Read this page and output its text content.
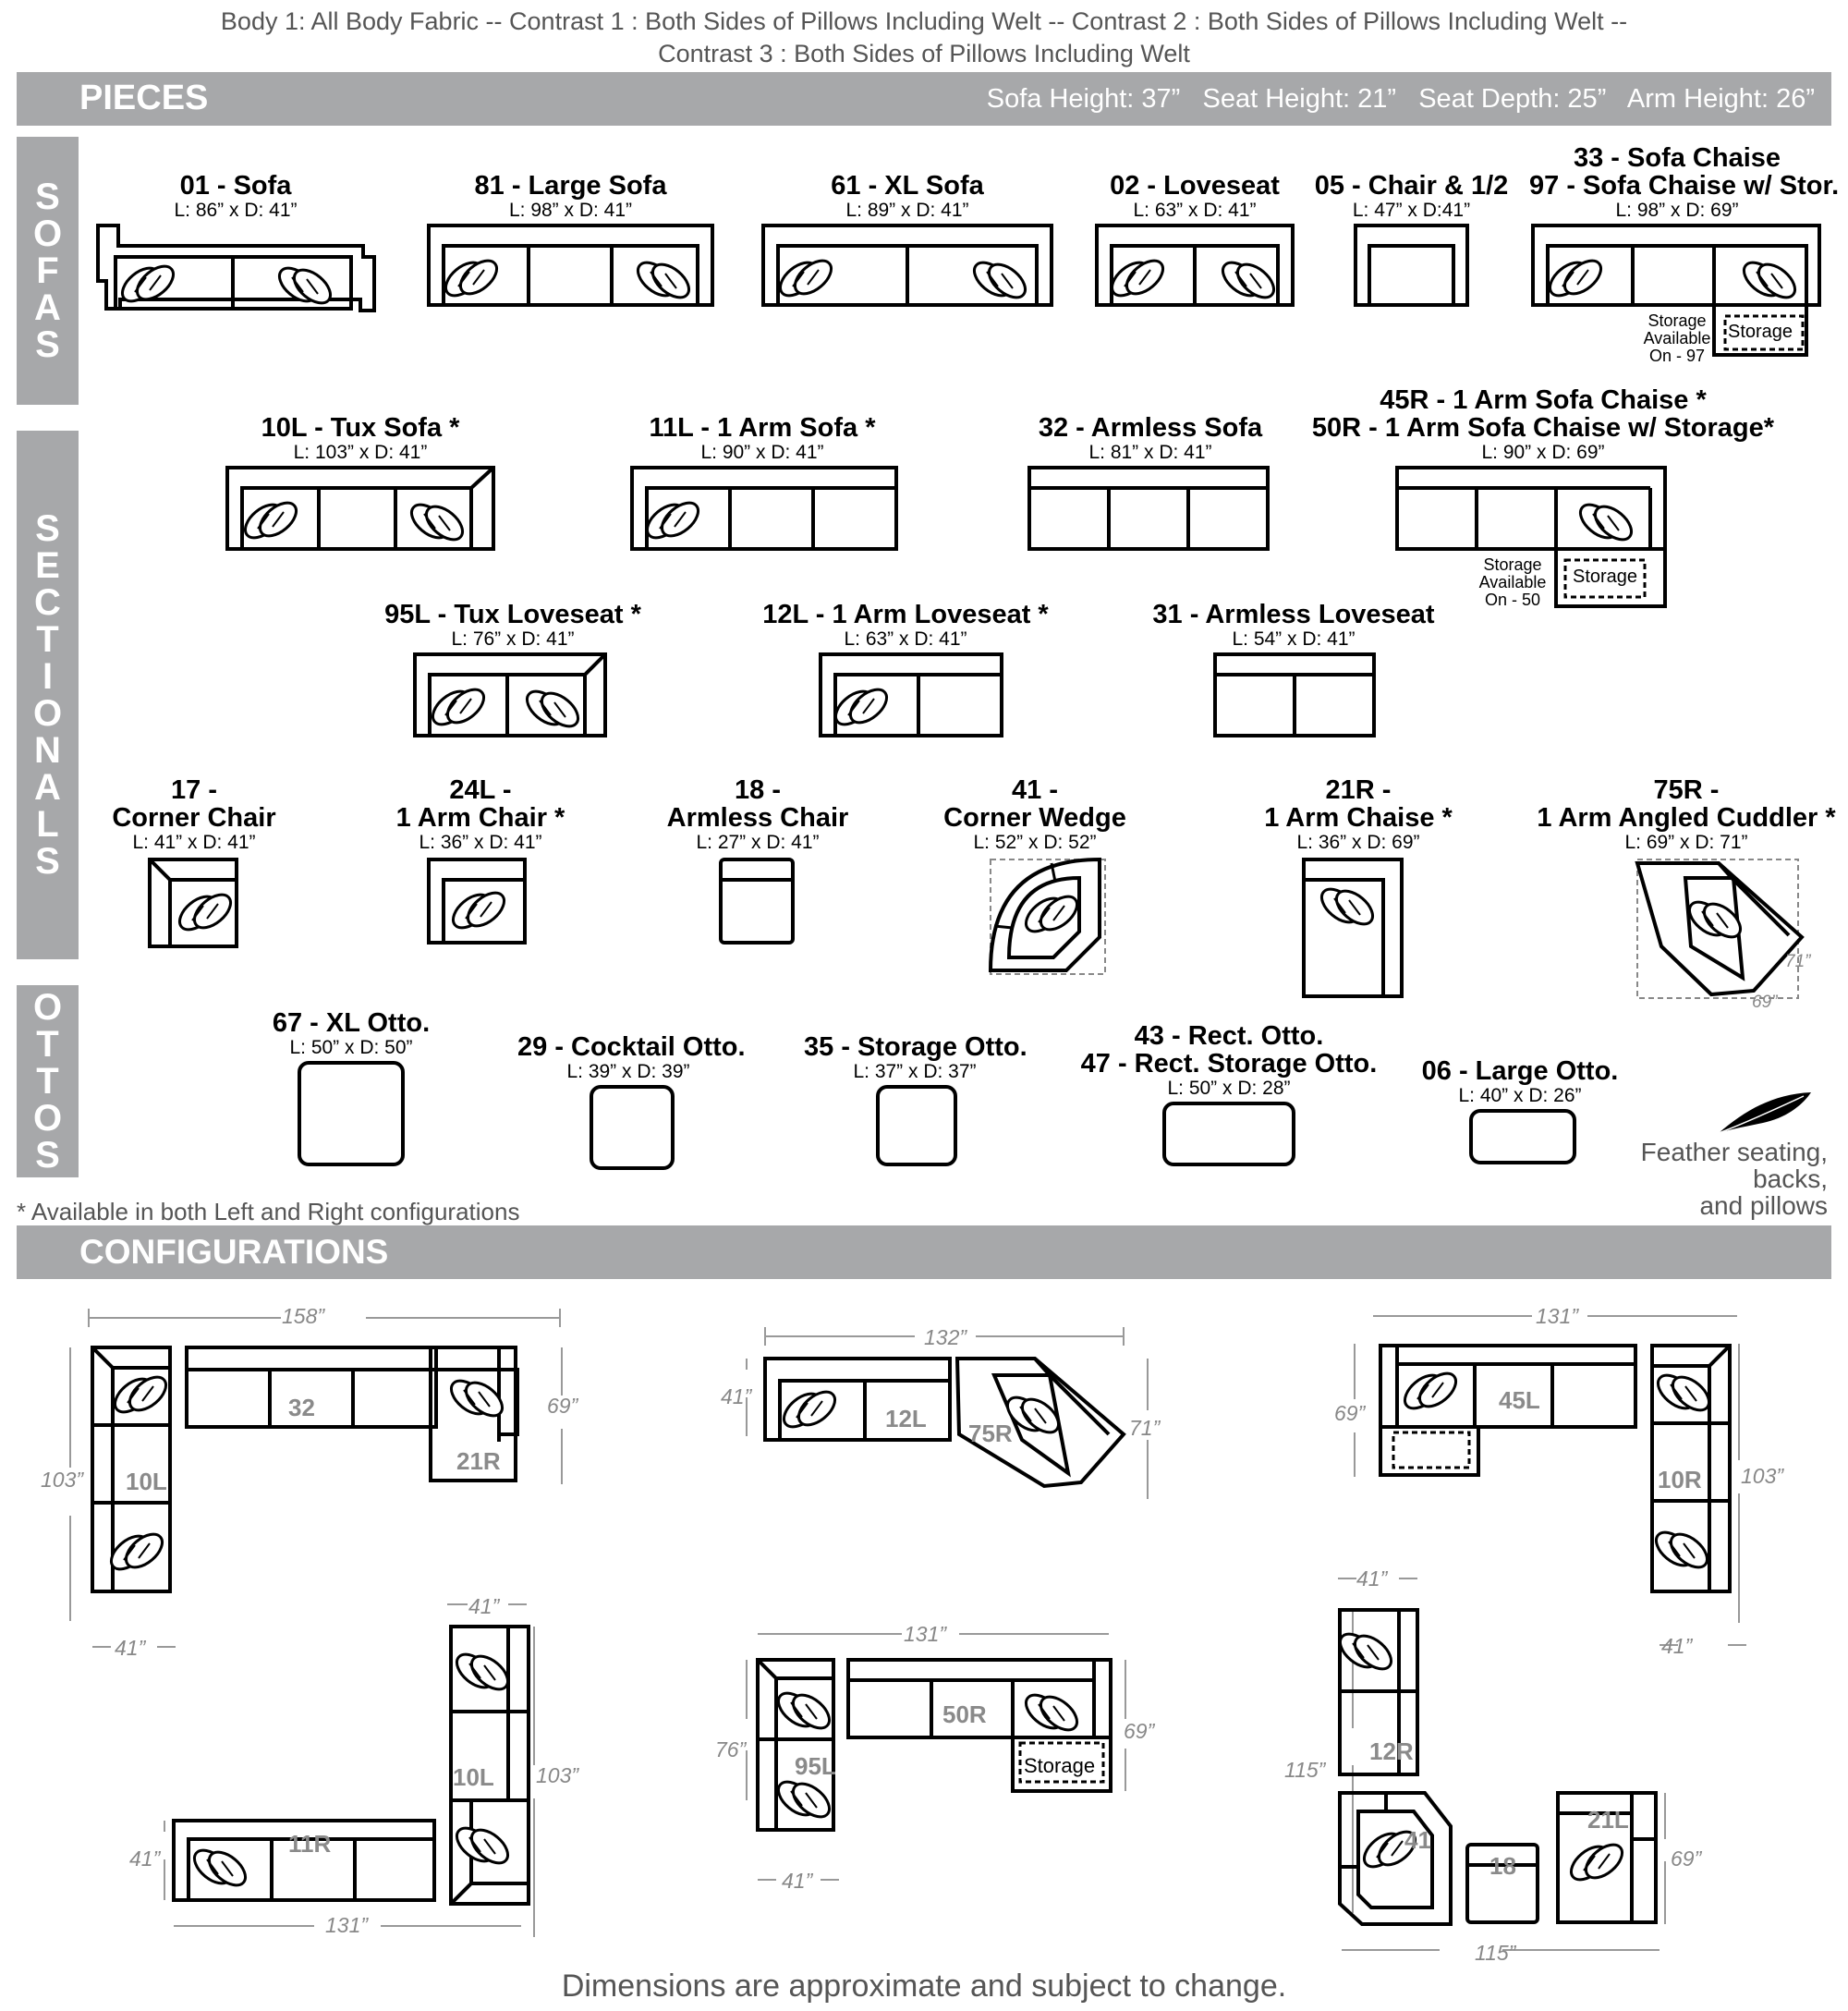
Body 1: All Body Fabric -- Contrast 1 : Both Sides of Pillows Including Welt -- Contrast 2 : Both Sides of Pillows Including Welt --
Contrast 3 : Both Sides of Pillows Including Welt
PIECES	Sofa Height: 37”   Seat Height: 21”   Seat Depth: 25”   Arm Height: 26”
S
O
F
A
S
S
E
C
T
I
O
N
A
L
S
O
T
T
O
S
01 - Sofa
L: 86” x D: 41”
81 - Large Sofa
L: 98” x D: 41”
61 - XL Sofa
L: 89” x D: 41”
02 - Loveseat
L: 63” x D: 41”
05 - Chair & 1/2
L: 47” x D:41”
33 - Sofa Chaise
97 - Sofa Chaise w/ Stor.
L: 98” x D: 69”
Storage
Available
On - 97
Storage
10L - Tux Sofa *
L: 103” x D: 41”
11L - 1 Arm Sofa *
L: 90” x D: 41”
32 - Armless Sofa
L: 81” x D: 41”
45R - 1 Arm Sofa Chaise *
50R - 1 Arm Sofa Chaise w/ Storage*
L: 90” x D: 69”
Storage
Available
On - 50
Storage
95L - Tux Loveseat *
L: 76” x D: 41”
12L - 1 Arm Loveseat *
L: 63” x D: 41”
31 - Armless Loveseat
L: 54” x D: 41”
17 -
Corner Chair
L: 41” x D: 41”
24L -
1 Arm Chair *
L: 36” x D: 41”
18 -
Armless Chair
L: 27” x D: 41”
41 -
Corner Wedge
L: 52” x D: 52”
21R -
1 Arm Chaise *
L: 36” x D: 69”
75R -
1 Arm Angled Cuddler *
L: 69” x D: 71”
71”
69”
67 - XL Otto.
L: 50” x D: 50”	29 - Cocktail Otto.
L: 39” x D: 39”
35 - Storage Otto.
L: 37” x D: 37”
43 - Rect. Otto.
47 - Rect. Storage Otto.
L: 50” x D: 28”
06 - Large Otto.
L: 40” x D: 26”
Feather seating,
backs,
and pillows
* Available in both Left and Right configurations
CONFIGURATIONS
158”
103”
69”
41”
32
21R
10L
132”
41”
71”
12L
75R
131”
69”
103”
41”
45L
10R
41”
103”
41”
131”
10L
11R
131”
76”
69”
41”
50R
95L	Storage
41”
115”
69”
115”
12R
41
18
21L
Dimensions are approximate and subject to change.
